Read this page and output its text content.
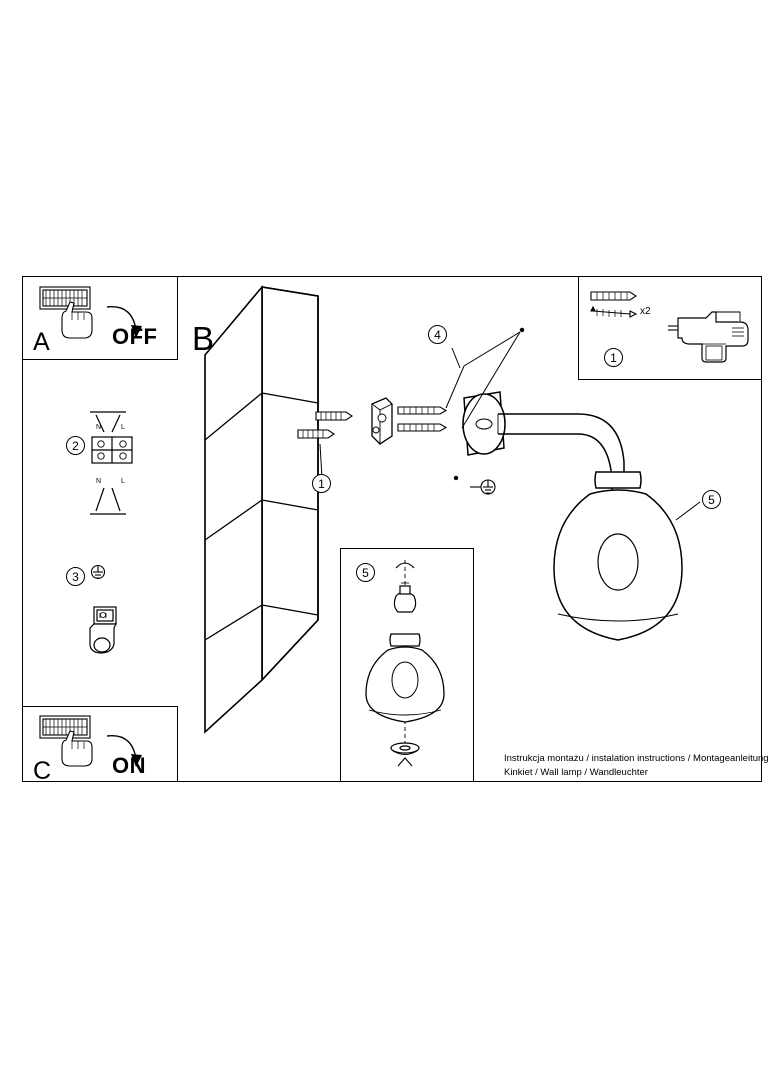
A	OFF
C	ON
2
N	L
N	L
3
1
x2
B
1
4
5
5
Instrukcja montażu / instalation instructions / Montageanleitung
Kinkiet / Wall lamp / Wandleuchter
